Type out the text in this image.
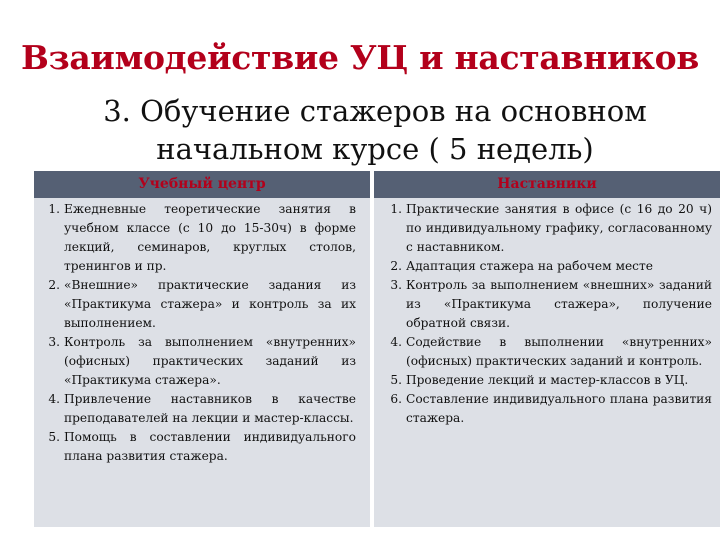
Взаимодействие УЦ и наставников
3. Обучение стажеров на основном
начальном курсе ( 5 недель)
Учебный центр	Наставники
1. Ежедневные теоретические занятия в учебном классе (с 10 до 15-30ч) в форме лекций, семинаров, круглых столов, тренингов и пр.
2. «Внешние» практические задания из «Практикума стажера» и контроль за их выполнением.
3. Контроль за выполнением «внутренних» (офисных) практических заданий из «Практикума стажера».
4. Привлечение наставников в качестве преподавателей на лекции и мастер-классы.
5. Помощь в составлении индивидуального плана развития стажера.
1. Практические занятия в офисе (с 16 до 20 ч) по индивидуальному графику, согласованному с наставником.
2. Адаптация стажера на рабочем месте
3. Контроль за выполнением «внешних» заданий из «Практикума стажера», получение обратной связи.
4. Содействие в выполнении «внутренних» (офисных) практических заданий и контроль.
5. Проведение лекций и мастер-классов в УЦ.
6. Составление индивидуального плана развития стажера.
